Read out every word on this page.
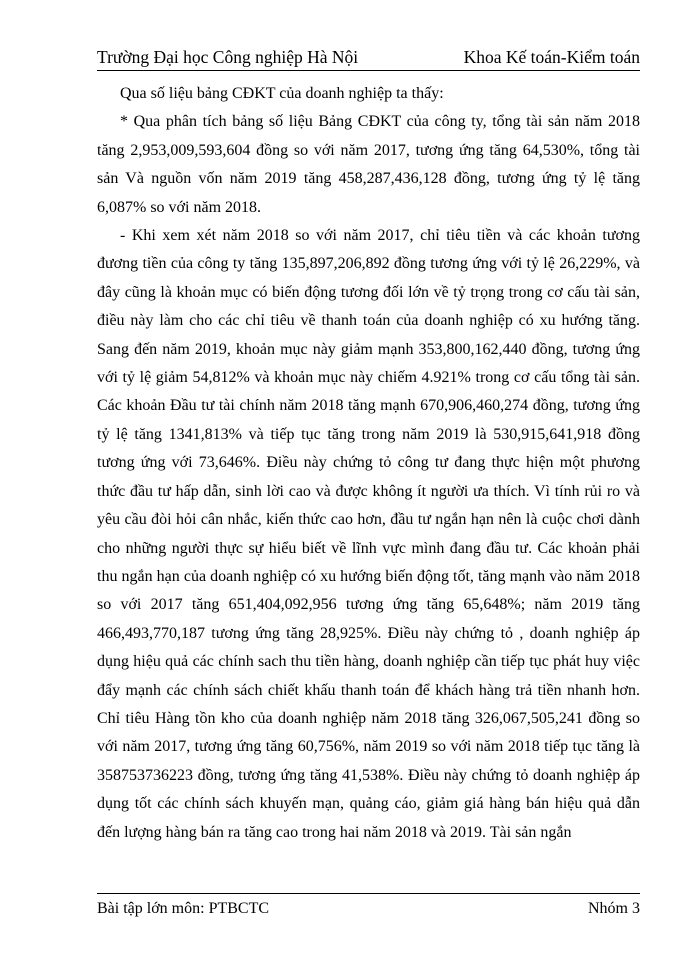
Trường Đại học Công nghiệp Hà Nội	Khoa Kế toán-Kiểm toán

Qua số liệu bảng CĐKT của doanh nghiệp ta thấy:

* Qua phân tích bảng số liệu Bảng CĐKT của công ty, tổng tài sản năm 2018 tăng 2,953,009,593,604 đồng so với năm 2017, tương ứng tăng 64,530%, tổng tài sản Và nguồn vốn năm 2019 tăng 458,287,436,128 đồng, tương ứng tỷ lệ tăng 6,087% so với năm 2018.

- Khi xem xét năm 2018 so với năm 2017, chỉ tiêu tiền và các khoản tương đương tiền của công ty tăng 135,897,206,892 đồng tương ứng với tỷ lệ 26,229%, và đây cũng là khoản mục có biến động tương đối lớn về tỷ trọng trong cơ cấu tài sản, điều này làm cho các chỉ tiêu về thanh toán của doanh nghiệp có xu hướng tăng. Sang đến năm 2019, khoản mục này giảm mạnh 353,800,162,440 đồng, tương ứng với tỷ lệ giảm 54,812% và khoản mục này chiếm 4.921% trong cơ cấu tổng tài sản. Các khoản Đầu tư tài chính năm 2018 tăng mạnh 670,906,460,274 đồng, tương ứng tỷ lệ tăng 1341,813% và tiếp tục tăng trong năm 2019 là 530,915,641,918 đồng tương ứng với 73,646%. Điều này chứng tỏ công tư đang thực hiện một phương thức đầu tư hấp dẫn, sinh lời cao và được không ít người ưa thích. Vì tính rủi ro và yêu cầu đòi hỏi cân nhắc, kiến thức cao hơn, đầu tư ngắn hạn nên là cuộc chơi dành cho những người thực sự hiểu biết về lĩnh vực mình đang đầu tư. Các khoản phải thu ngắn hạn của doanh nghiệp có xu hướng biến động tốt, tăng mạnh vào năm 2018 so với 2017 tăng 651,404,092,956 tương ứng tăng 65,648%; năm 2019 tăng 466,493,770,187 tương ứng tăng 28,925%. Điều này chứng tỏ , doanh nghiệp áp dụng hiệu quả các chính sach thu tiền hàng, doanh nghiệp cần tiếp tục phát huy việc đẩy mạnh các chính sách chiết khấu thanh toán để khách hàng trả tiền nhanh hơn. Chỉ tiêu Hàng tồn kho của doanh nghiệp năm 2018 tăng 326,067,505,241 đồng so với năm 2017, tương ứng tăng 60,756%, năm 2019 so với năm 2018 tiếp tục tăng là 358753736223 đồng, tương ứng tăng 41,538%. Điều này chứng tỏ doanh nghiệp áp dụng tốt các chính sách khuyến mạn, quảng cáo, giảm giá hàng bán hiệu quả dẫn đến lượng hàng bán ra tăng cao trong hai năm 2018 và 2019. Tài sản ngắn

Bài tập lớn môn: PTBCTC	Nhóm 3
